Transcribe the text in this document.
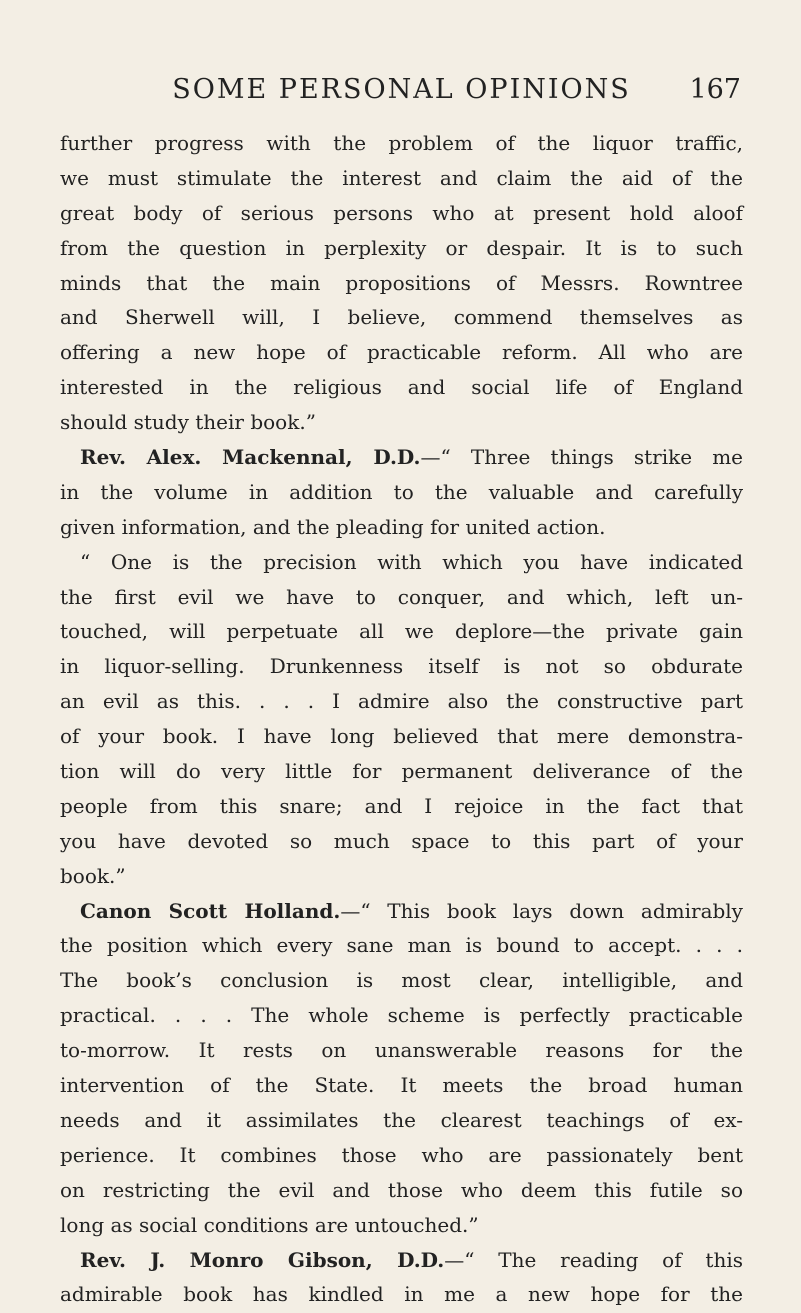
SOME PERSONAL OPINIONS	167
further progress with the problem of the liquor traffic,
we must stimulate the interest and claim the aid of the
great body of serious persons who at present hold aloof
from the question in perplexity or despair. It is to such
minds that the main propositions of Messrs. Rowntree
and Sherwell will, I believe, commend themselves as
offering a new hope of practicable reform. All who are
interested in the religious and social life of England
should study their book.”
Rev. Alex. Mackennal, D.D.—“ Three things strike me
in the volume in addition to the valuable and carefully
given information, and the pleading for united action.
“ One is the precision with which you have indicated
the first evil we have to conquer, and which, left un-
touched, will perpetuate all we deplore—the private gain
in liquor-selling. Drunkenness itself is not so obdurate
an evil as this. . . . I admire also the constructive part
of your book. I have long believed that mere demonstra-
tion will do very little for permanent deliverance of the
people from this snare; and I rejoice in the fact that
you have devoted so much space to this part of your
book.”
Canon Scott Holland.—“ This book lays down admirably
the position which every sane man is bound to accept. . . .
The book’s conclusion is most clear, intelligible, and
practical. . . . The whole scheme is perfectly practicable
to-morrow. It rests on unanswerable reasons for the
intervention of the State. It meets the broad human
needs and it assimilates the clearest teachings of ex-
perience. It combines those who are passionately bent
on restricting the evil and those who deem this futile so
long as social conditions are untouched.”
Rev. J. Monro Gibson, D.D.—“ The reading of this
admirable book has kindled in me a new hope for the
